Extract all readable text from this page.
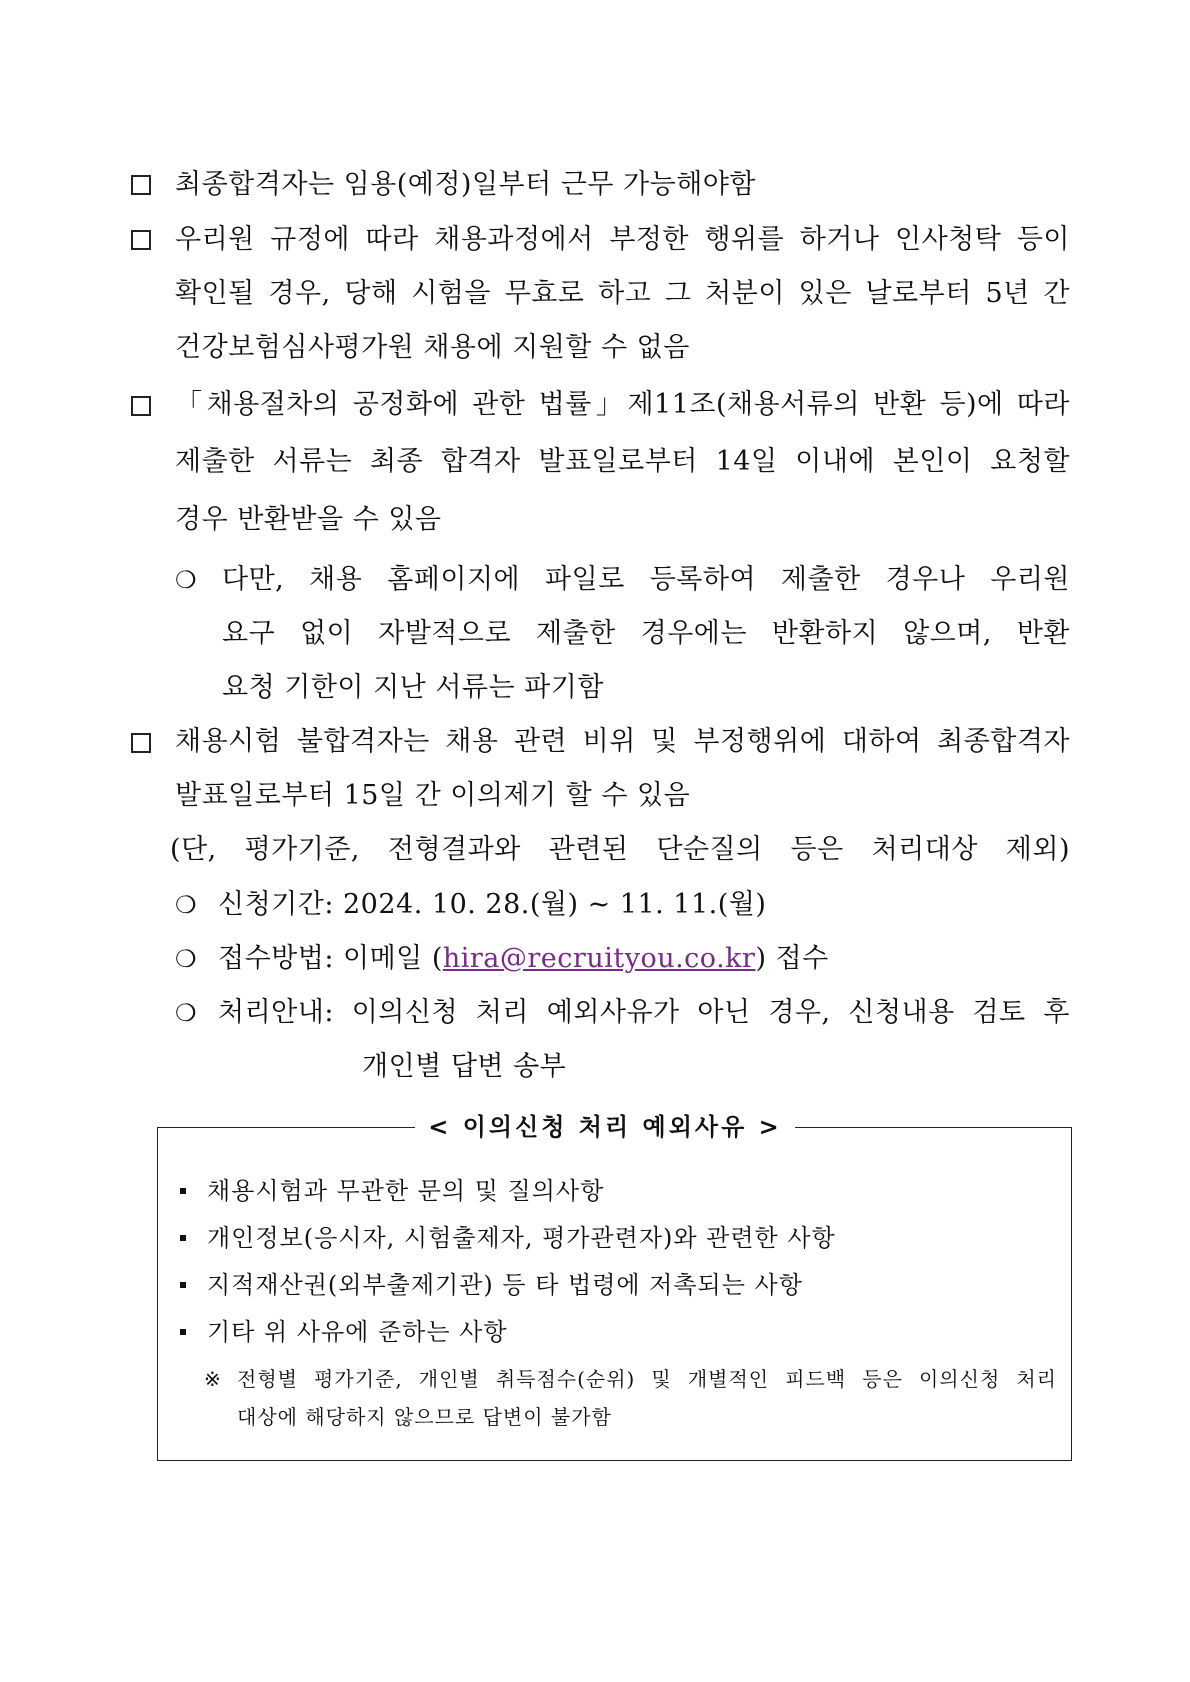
최종합격자는 임용(예정)일부터 근무 가능해야함
우리원 규정에 따라 채용과정에서 부정한 행위를 하거나 인사청탁 등이
확인될 경우, 당해 시험을 무효로 하고 그 처분이 있은 날로부터 5년 간
건강보험심사평가원 채용에 지원할 수 없음
「채용절차의 공정화에 관한 법률」제11조(채용서류의 반환 등)에 따라
제출한 서류는 최종 합격자 발표일로부터 14일 이내에 본인이 요청할
경우 반환받을 수 있음
❍ 다만, 채용 홈페이지에 파일로 등록하여 제출한 경우나 우리원
요구 없이 자발적으로 제출한 경우에는 반환하지 않으며, 반환
요청 기한이 지난 서류는 파기함
채용시험 불합격자는 채용 관련 비위 및 부정행위에 대하여 최종합격자
발표일로부터 15일 간 이의제기 할 수 있음
(단, 평가기준, 전형결과와 관련된 단순질의 등은 처리대상 제외)
❍ 신청기간: 2024. 10. 28.(월) ~ 11. 11.(월)
❍ 접수방법: 이메일 (hira@recruityou.co.kr) 접수
❍ 처리안내: 이의신청 처리 예외사유가 아닌 경우, 신청내용 검토 후
개인별 답변 송부
< 이의신청 처리 예외사유 >
채용시험과 무관한 문의 및 질의사항
개인정보(응시자, 시험출제자, 평가관련자)와 관련한 사항
지적재산권(외부출제기관) 등 타 법령에 저촉되는 사항
기타 위 사유에 준하는 사항
※ 전형별 평가기준, 개인별 취득점수(순위) 및 개별적인 피드백 등은 이의신청 처리
대상에 해당하지 않으므로 답변이 불가함
